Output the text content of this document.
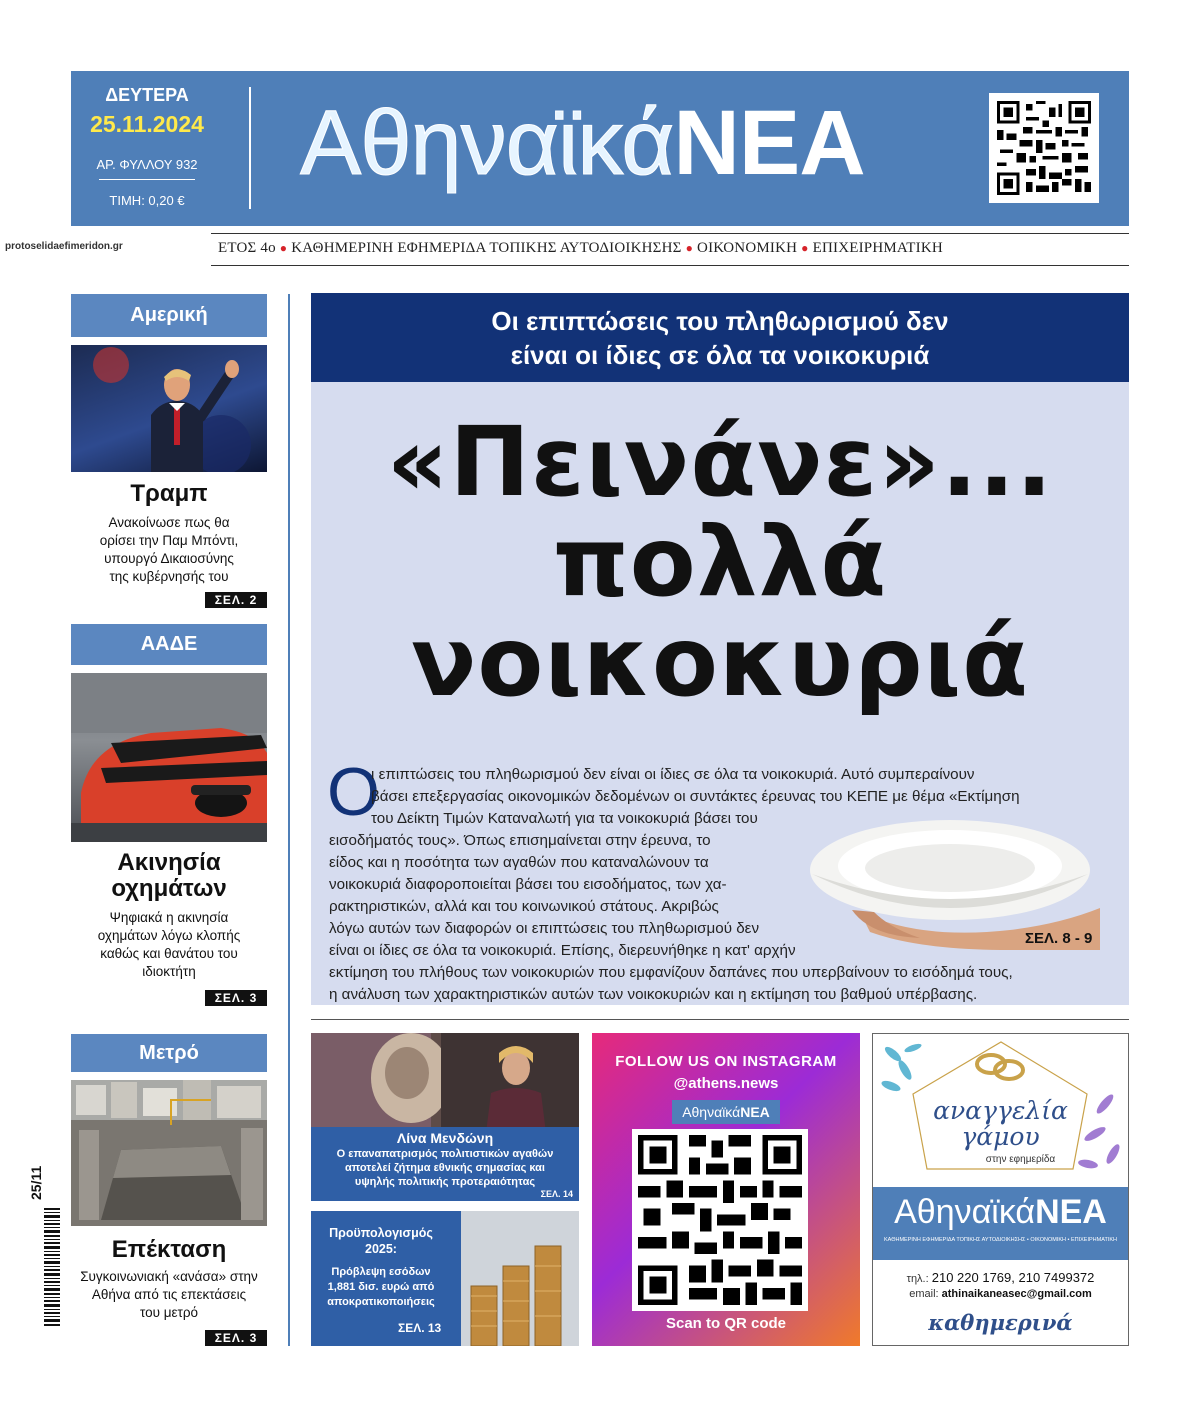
ΔΕΥΤΕΡΑ
25.11.2024
ΑΡ. ΦΥΛΛΟΥ 932
ΤΙΜΗ: 0,20 €
ΑθηναϊκάΝΕΑ
protoselidaefimeridon.gr	ΕΤΟΣ 4ο ● ΚΑΘΗΜΕΡΙΝΗ ΕΦΗΜΕΡΙΔΑ ΤΟΠΙΚΗΣ ΑΥΤΟΔΙΟΙΚΗΣΗΣ ● ΟΙΚΟΝΟΜΙΚΗ ● ΕΠΙΧΕΙΡΗΜΑΤΙΚΗ
Αμερική
Τραμπ
Ανακοίνωσε πως θα
ορίσει την Παμ Μπόντι,
υπουργό Δικαιοσύνης
της κυβέρνησής του
ΣΕΛ. 2
ΑΑΔΕ
Ακινησία
οχημάτων
Ψηφιακά η ακινησία
οχημάτων λόγω κλοπής
καθώς και θανάτου του
ιδιοκτήτη
ΣΕΛ. 3
Μετρό
Επέκταση
Συγκοινωνιακή «ανάσα» στην
Αθήνα από τις επεκτάσεις
του μετρό
ΣΕΛ. 3
25/11
Οι επιπτώσεις του πληθωρισμού δεν
είναι οι ίδιες σε όλα τα νοικοκυριά
«Πεινάνε»...
πολλά
νοικοκυριά
Ο
ι επιπτώσεις του πληθωρισμού δεν είναι οι ίδιες σε όλα τα νοικοκυριά. Αυτό συμπεραίνουν
βάσει επεξεργασίας οικονομικών δεδομένων οι συντάκτες έρευνας του ΚΕΠΕ με θέμα «Εκτίμηση
του Δείκτη Τιμών Καταναλωτή για τα νοικοκυριά βάσει του
εισοδήματός τους». Όπως επισημαίνεται στην έρευνα, το
είδος και η ποσότητα των αγαθών που καταναλώνουν τα
νοικοκυριά διαφοροποιείται βάσει του εισοδήματος, των χα-
ρακτηριστικών, αλλά και του κοινωνικού στάτους. Ακριβώς
λόγω αυτών των διαφορών οι επιπτώσεις του πληθωρισμού δεν
είναι οι ίδιες σε όλα τα νοικοκυριά. Επίσης, διερευνήθηκε η κατ' αρχήν
εκτίμηση του πλήθους των νοικοκυριών που εμφανίζουν δαπάνες που υπερβαίνουν το εισόδημά τους,
η ανάλυση των χαρακτηριστικών αυτών των νοικοκυριών και η εκτίμηση του βαθμού υπέρβασης.
ΣΕΛ. 8 - 9
Λίνα Μενδώνη
Ο επαναπατρισμός πολιτιστικών αγαθών
αποτελεί ζήτημα εθνικής σημασίας και
υψηλής πολιτικής προτεραιότητας
ΣΕΛ. 14
Προϋπολογισμός
2025:
Πρόβλεψη εσόδων
1,881 δισ. ευρώ από
αποκρατικοποιήσεις
ΣΕΛ. 13
FOLLOW US ON INSTAGRAM
@athens.news
ΑθηναϊκάΝΕΑ
Scan to QR code
αναγγελία
γάμου
στην εφημερίδα
ΑθηναϊκάΝΕΑ
ΚΑΘΗΜΕΡΙΝΗ ΕΦΗΜΕΡΙΔΑ ΤΟΠΙΚΗΣ ΑΥΤΟΔΙΟΙΚΗΣΗΣ • ΟΙΚΟΝΟΜΙΚΗ • ΕΠΙΧΕΙΡΗΜΑΤΙΚΗ
τηλ.: 210 220 1769, 210 7499372
email: athinaikaneasec@gmail.com
καθημερινά
